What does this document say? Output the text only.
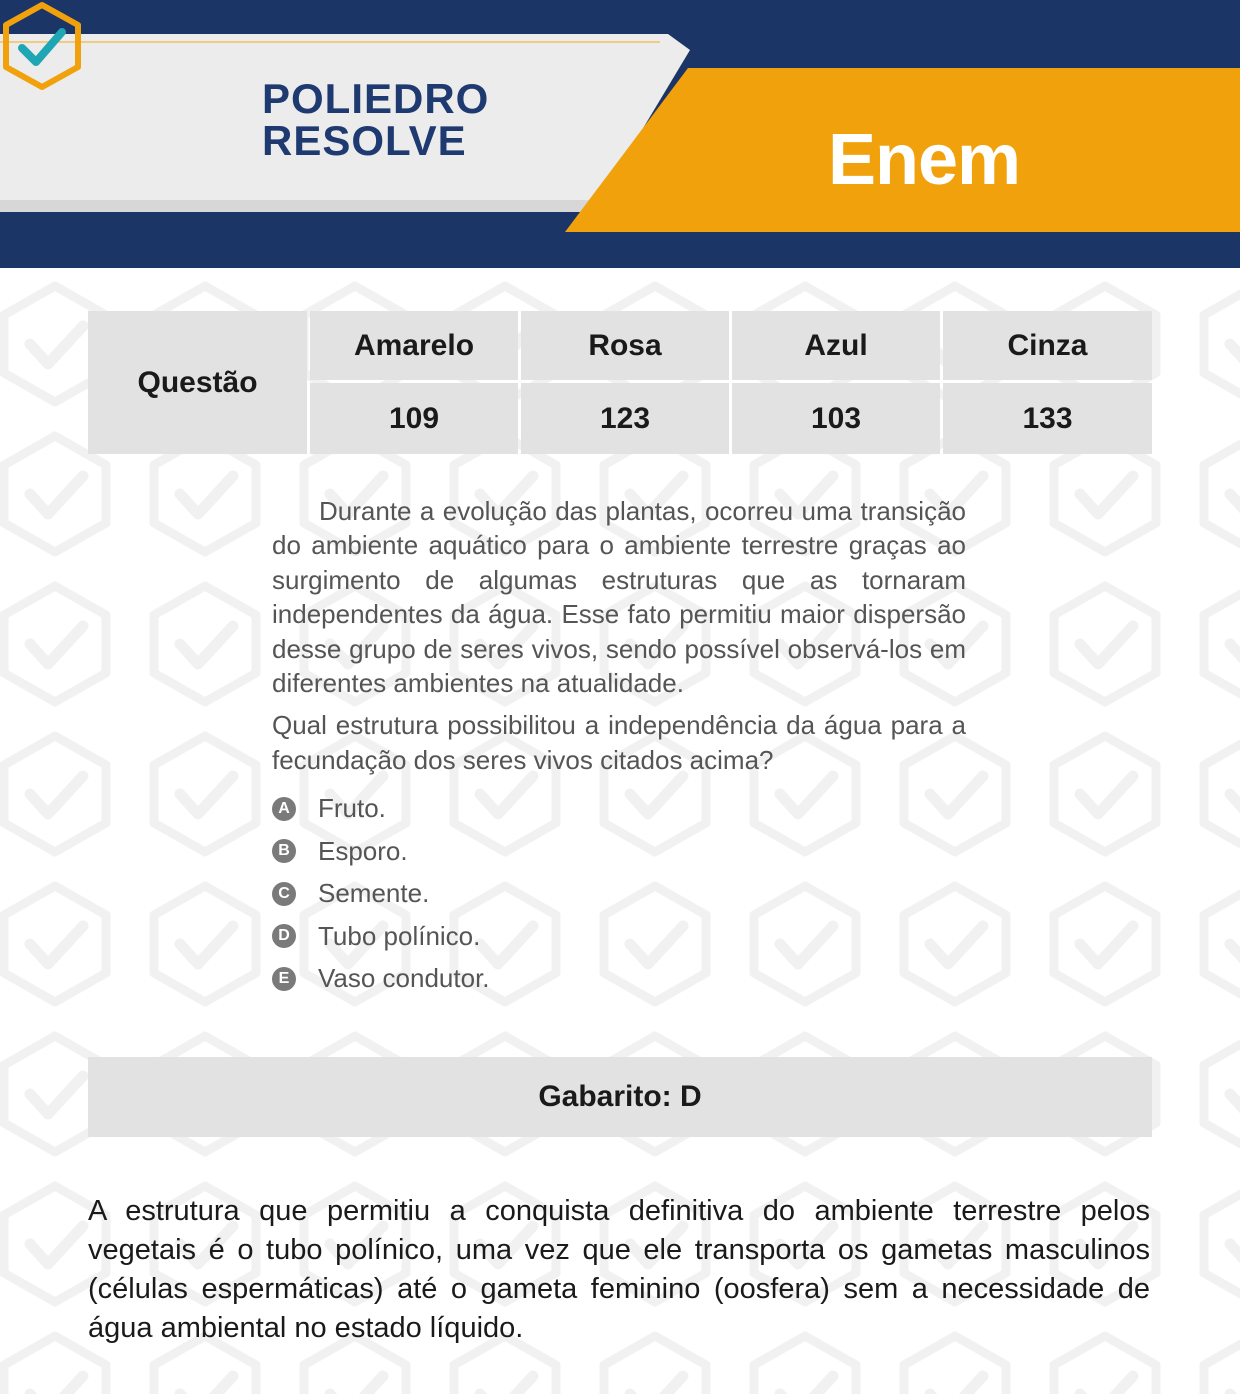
POLIEDRO
RESOLVE	Enem
Questão
Amarelo	Rosa	Azul	Cinza
109	123	103	133

Durante a evolução das plantas, ocorreu uma transição do ambiente aquático para o ambiente terrestre graças ao surgimento de algumas estruturas que as tornaram independentes da água. Esse fato permitiu maior dispersão desse grupo de seres vivos, sendo possível observá-los em diferentes ambientes na atualidade.

Qual estrutura possibilitou a independência da água para a fecundação dos seres vivos citados acima?

A Fruto.
B Esporo.
C Semente.
D Tubo polínico.
E Vaso condutor.
Gabarito: D

A estrutura que permitiu a conquista definitiva do ambiente terrestre pelos vegetais é o tubo polínico, uma vez que ele transporta os gametas masculinos (células espermáticas) até o gameta feminino (oosfera) sem a necessidade de água ambiental no estado líquido.
